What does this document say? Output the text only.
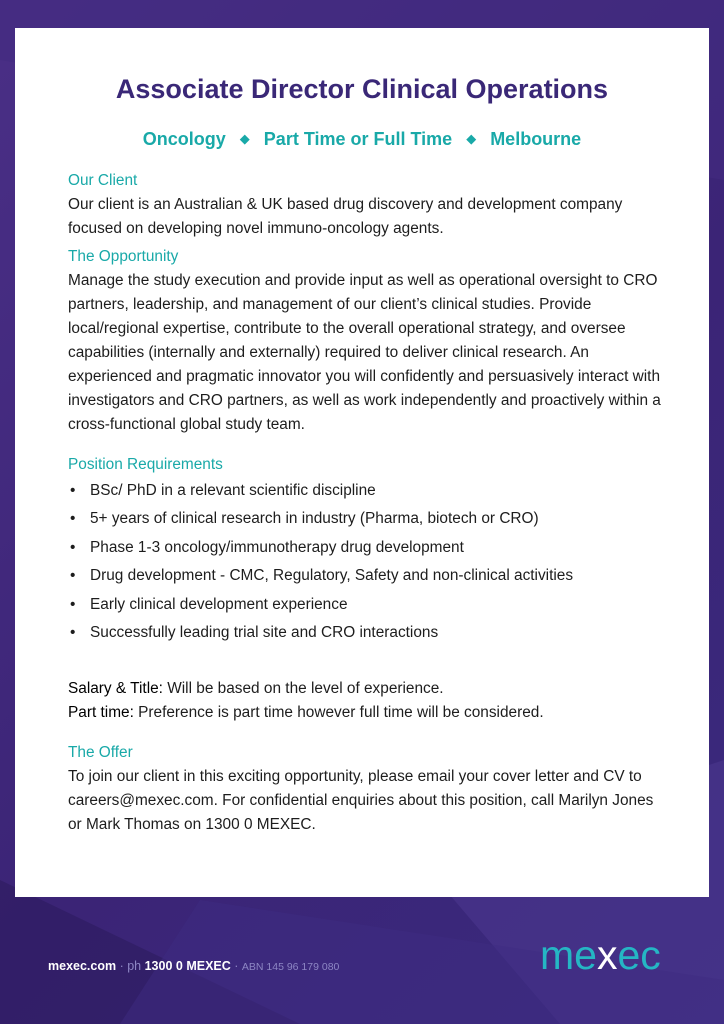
Associate Director Clinical Operations
Oncology ◆ Part Time or Full Time ◆ Melbourne

Our Client

Our client is an Australian & UK based drug discovery and development company focused on developing novel immuno-oncology agents.

The Opportunity

Manage the study execution and provide input as well as operational oversight to CRO partners, leadership, and management of our client’s clinical studies. Provide local/regional expertise, contribute to the overall operational strategy, and oversee capabilities (internally and externally) required to deliver clinical research. An experienced and pragmatic innovator you will confidently and persuasively interact with investigators and CRO partners, as well as work independently and proactively within a cross-functional global study team.

Position Requirements

• BSc/ PhD in a relevant scientific discipline
• 5+ years of clinical research in industry (Pharma, biotech or CRO)
• Phase 1-3 oncology/immunotherapy drug development
• Drug development - CMC, Regulatory, Safety and non-clinical activities
• Early clinical development experience
• Successfully leading trial site and CRO interactions

Salary & Title: Will be based on the level of experience.

Part time: Preference is part time however full time will be considered.

The Offer

To join our client in this exciting opportunity, please email your cover letter and CV to careers@mexec.com. For confidential enquiries about this position, call Marilyn Jones or Mark Thomas on 1300 0 MEXEC.

mexec.com · ph 1300 0 MEXEC · ABN 145 96 179 080	mexec
